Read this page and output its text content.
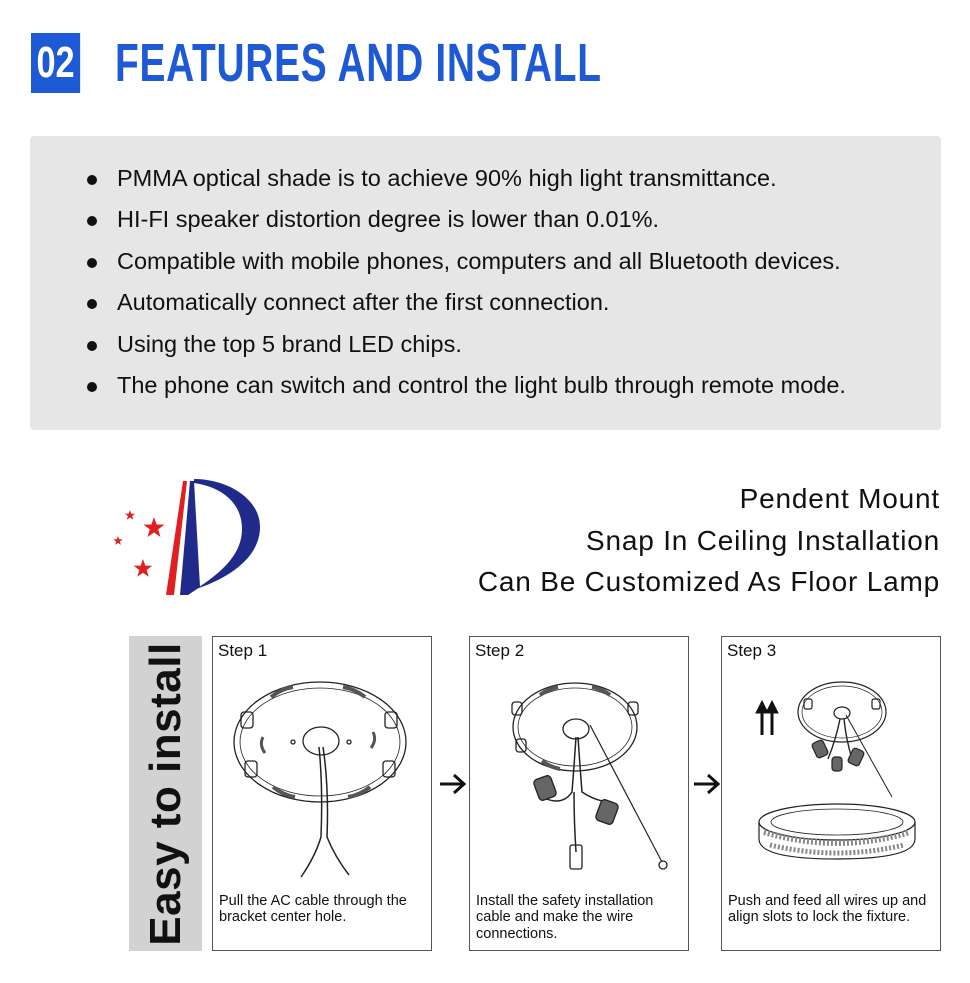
02 FEATURES AND INSTALL
PMMA optical shade is to achieve 90% high light transmittance.
HI-FI speaker distortion degree is lower than 0.01%.
Compatible with mobile phones, computers and all Bluetooth devices.
Automatically connect after the first connection.
Using the top 5 brand LED chips.
The phone can switch and control the light bulb through remote mode.
Pendent Mount
Snap In Ceiling Installation
Can Be Customized As Floor Lamp
Easy to install Step 1
Pull the AC cable through the bracket center hole.
Step 2
Install the safety installation cable and make the wire connections.
Step 3
Push and feed all wires up and align slots to lock the fixture.
